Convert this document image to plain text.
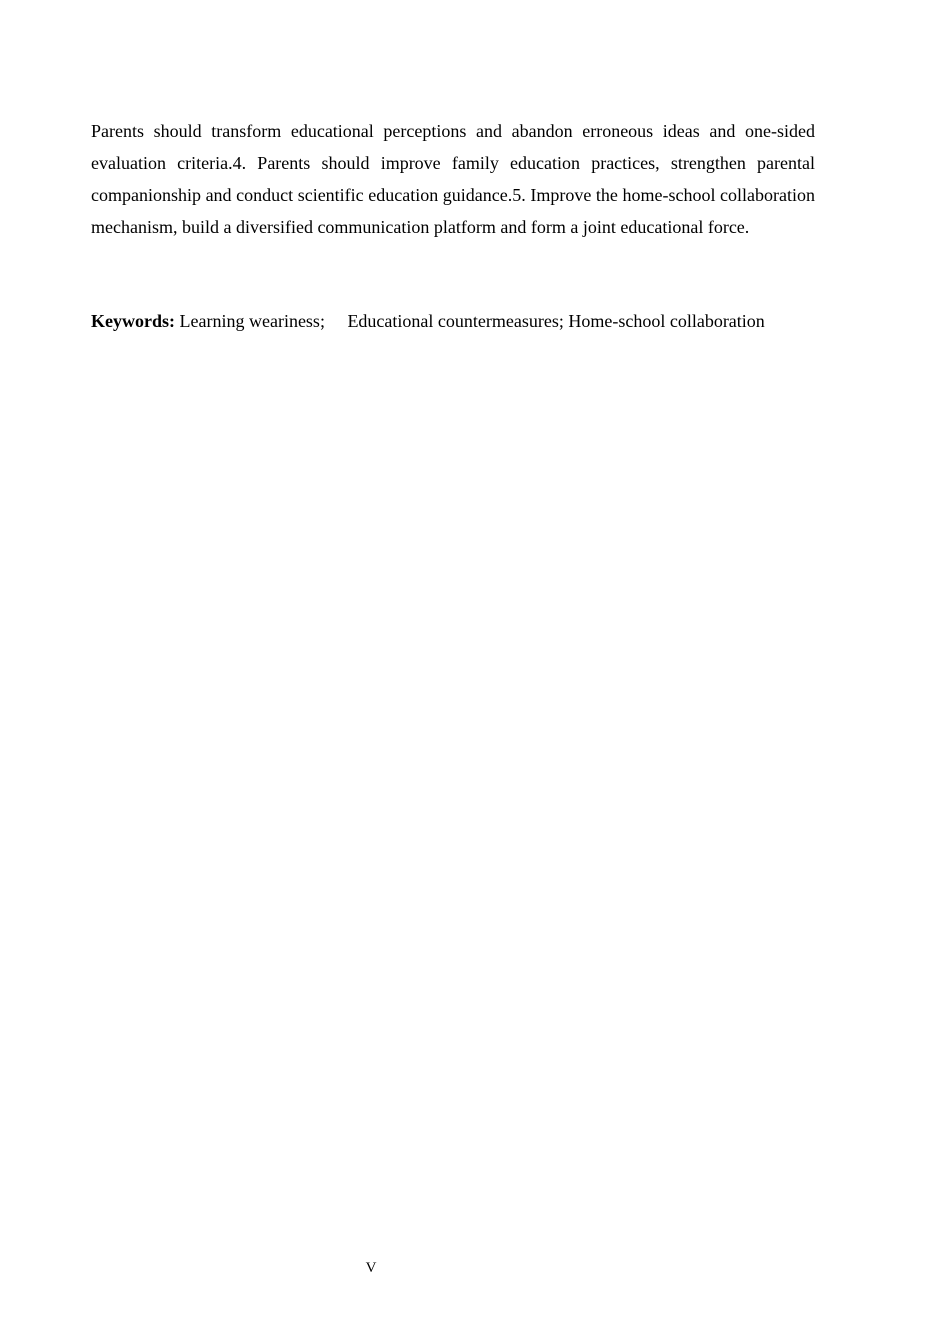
Parents should transform educational perceptions and abandon erroneous ideas and one-sided evaluation criteria.4. Parents should improve family education practices, strengthen parental companionship and conduct scientific education guidance.5. Improve the home-school collaboration mechanism, build a diversified communication platform and form a joint educational force.

Keywords: Learning weariness;     Educational countermeasures; Home-school collaboration

V
